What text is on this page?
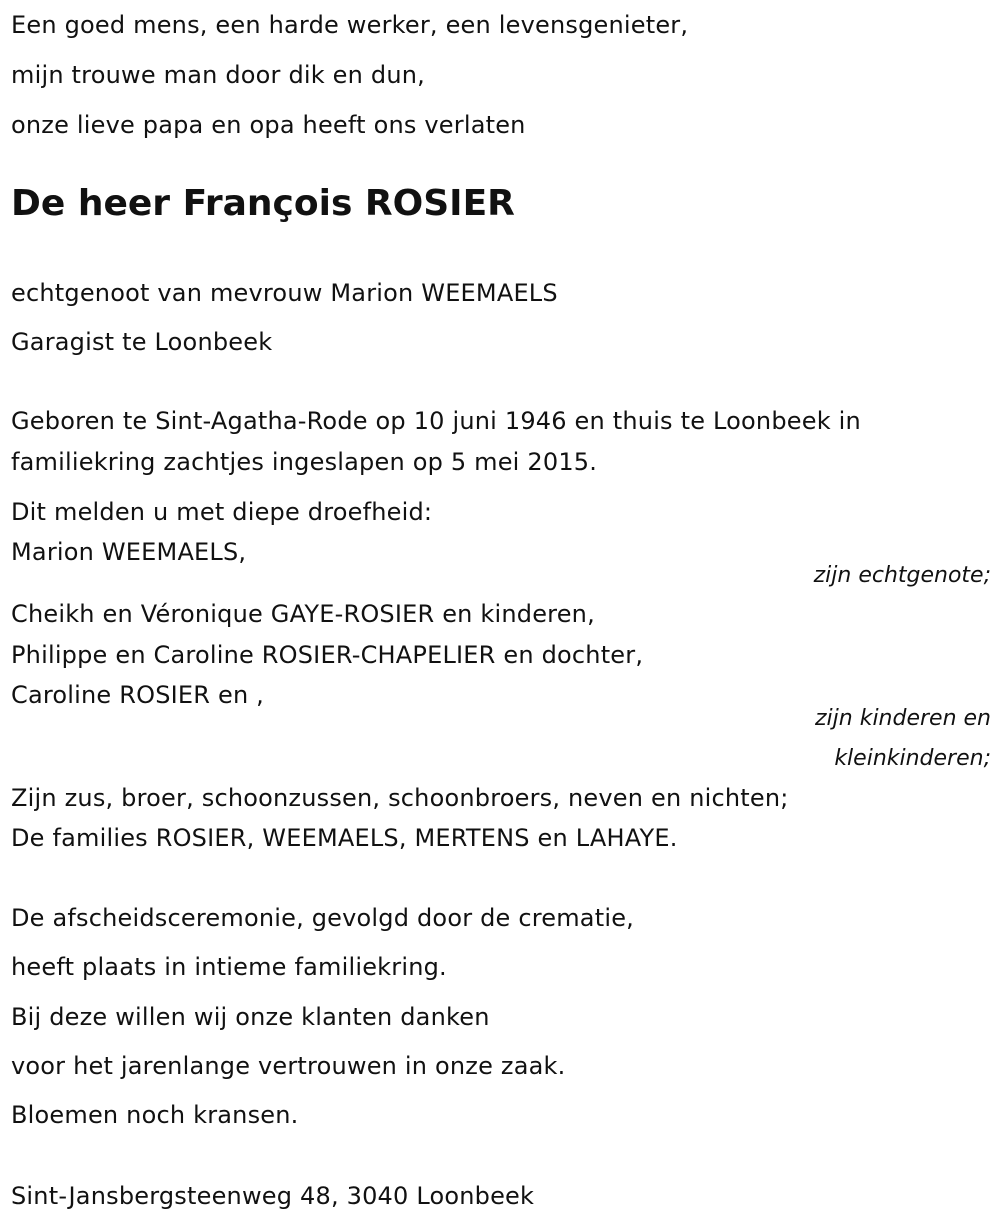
Een goed mens, een harde werker, een levensgenieter,
mijn trouwe man door dik en dun,
onze lieve papa en opa heeft ons verlaten
De heer François ROSIER
echtgenoot van mevrouw Marion WEEMAELS
Garagist te Loonbeek
Geboren te Sint-Agatha-Rode op 10 juni 1946 en thuis te Loonbeek in
familiekring zachtjes ingeslapen op 5 mei 2015.
Dit melden u met diepe droefheid:
Marion WEEMAELS,
zijn echtgenote;
Cheikh en Véronique GAYE-ROSIER en kinderen,
Philippe en Caroline ROSIER-CHAPELIER en dochter,
Caroline ROSIER en ,
zijn kinderen en
kleinkinderen;
Zijn zus, broer, schoonzussen, schoonbroers, neven en nichten;
De families ROSIER, WEEMAELS, MERTENS en LAHAYE.
De afscheidsceremonie, gevolgd door de crematie,
heeft plaats in intieme familiekring.
Bij deze willen wij onze klanten danken
voor het jarenlange vertrouwen in onze zaak.
Bloemen noch kransen.
Sint-Jansbergsteenweg 48, 3040 Loonbeek
